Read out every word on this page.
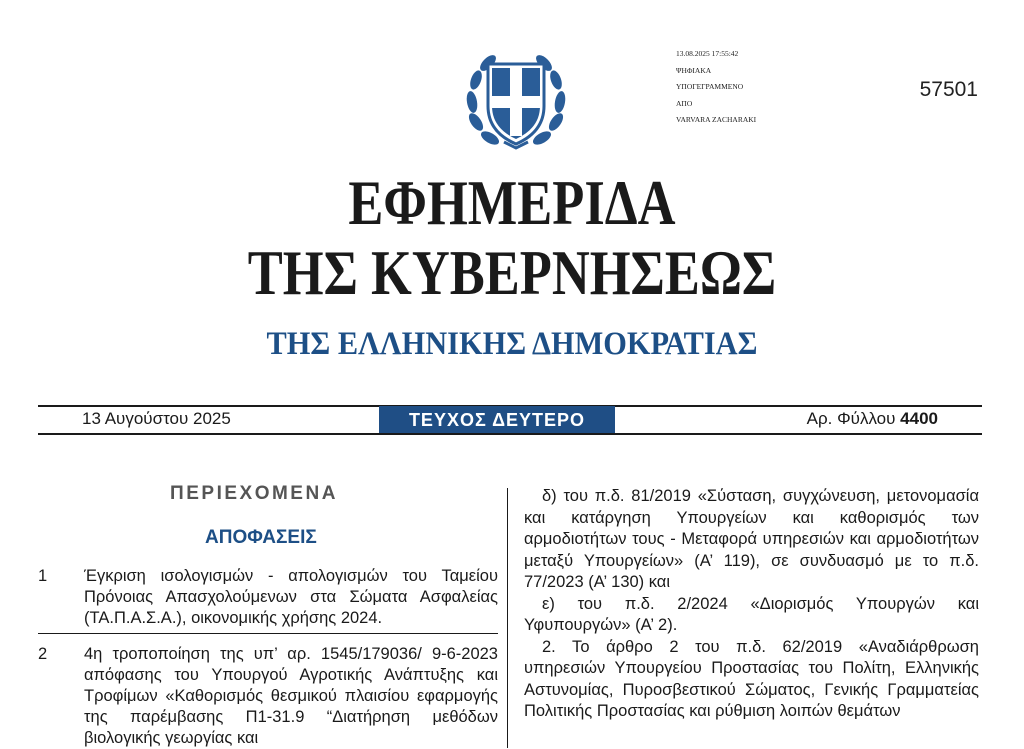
13.08.2025 17:55:42
ΨΗΦΙΑΚΑ
ΥΠΟΓΕΓΡΑΜΜΕΝΟ
ΑΠΟ
VARVARA ZACHARAKI
57501
ΕΦΗΜΕΡΙΔΑ
ΤΗΣ ΚΥΒΕΡΝΗΣΕΩΣ
ΤΗΣ ΕΛΛΗΝΙΚΗΣ ΔΗΜΟΚΡΑΤΙΑΣ
13 Αυγούστου 2025	ΤΕΥΧΟΣ ΔΕΥΤΕΡΟ	Αρ. Φύλλου 4400
ΠΕΡΙΕΧΟΜΕΝΑ
ΑΠΟΦΑΣΕΙΣ
1 Έγκριση ισολογισμών - απολογισμών του Ταμείου Πρόνοιας Απασχολούμενων στα Σώματα Ασφαλείας (ΤΑ.Π.Α.Σ.Α.), οικονομικής χρήσης 2024.
2 4η τροποποίηση της υπ’ αρ. 1545/179036/ 9-6-2023 απόφασης του Υπουργού Αγροτικής Ανάπτυξης και Τροφίμων «Καθορισμός θεσμικού πλαισίου εφαρμογής της παρέμβασης Π1-31.9 “Διατήρηση μεθόδων βιολογικής γεωργίας και

δ) του π.δ. 81/2019 «Σύσταση, συγχώνευση, μετονομασία και κατάργηση Υπουργείων και καθορισμός των αρμοδιοτήτων τους - Μεταφορά υπηρεσιών και αρμοδιοτήτων μεταξύ Υπουργείων» (Α’ 119), σε συνδυασμό με το π.δ. 77/2023 (Α’ 130) και

ε) του π.δ. 2/2024 «Διορισμός Υπουργών και Υφυπουργών» (Α’ 2).

2. Το άρθρο 2 του π.δ. 62/2019 «Αναδιάρθρωση υπηρεσιών Υπουργείου Προστασίας του Πολίτη, Ελληνικής Αστυνομίας, Πυροσβεστικού Σώματος, Γενικής Γραμματείας Πολιτικής Προστασίας και ρύθμιση λοιπών θεμάτων
